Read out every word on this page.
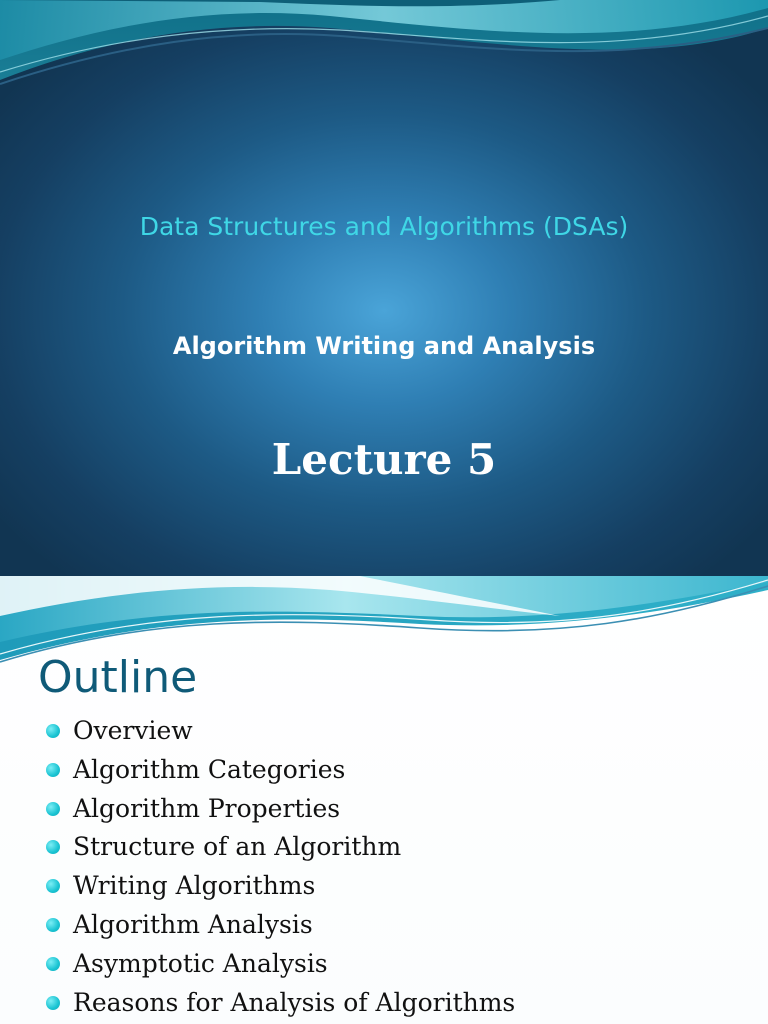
Data Structures and Algorithms (DSAs)
Algorithm Writing and Analysis
Lecture 5
Outline
Overview
Algorithm Categories
Algorithm Properties
Structure of an Algorithm
Writing Algorithms
Algorithm Analysis
Asymptotic Analysis
Reasons for Analysis of Algorithms
